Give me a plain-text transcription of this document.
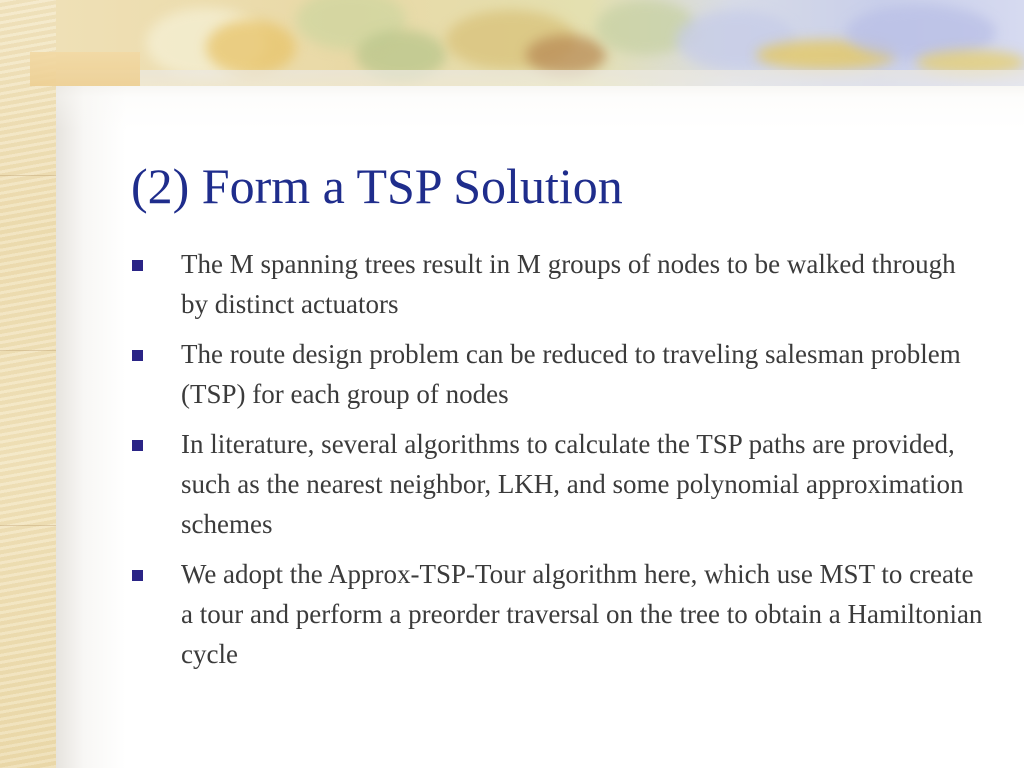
(2) Form a TSP Solution
The M spanning trees result in M groups of nodes to be walked through by distinct actuators
The route design problem can be reduced to traveling salesman problem (TSP) for each group of nodes
In literature, several algorithms to calculate the TSP paths are provided, such as the nearest neighbor, LKH, and some polynomial approximation schemes
We adopt the Approx-TSP-Tour algorithm here, which use MST to create a tour and perform a preorder traversal on the tree to obtain a Hamiltonian cycle
